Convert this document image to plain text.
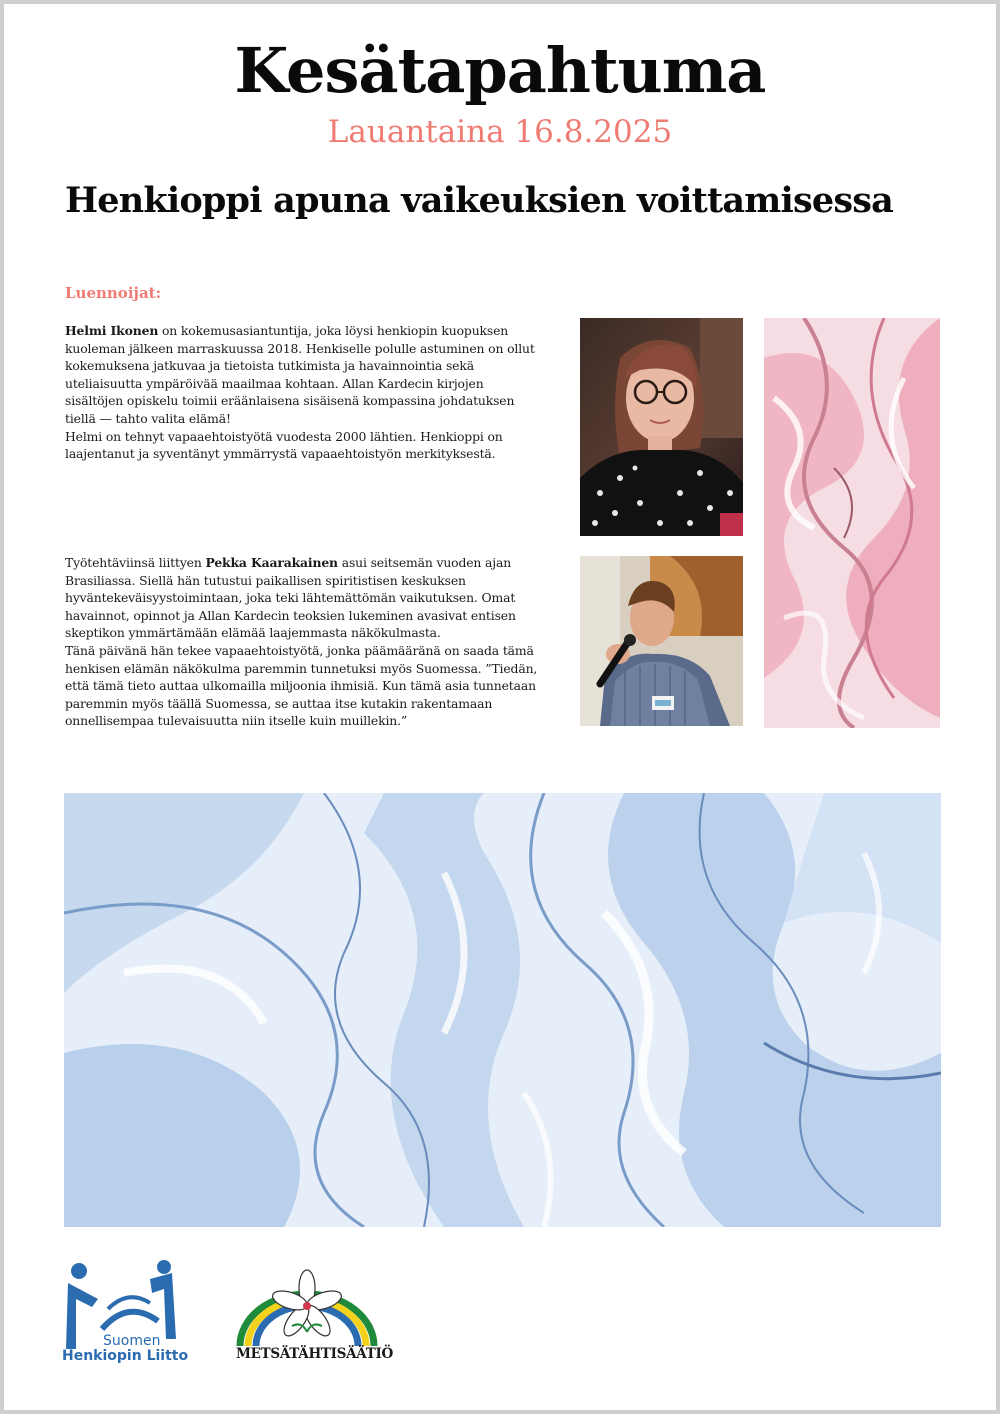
Kesätapahtuma
Lauantaina 16.8.2025
Henkioppi apuna vaikeuksien voittamisessa
Luennoijat:

Helmi Ikonen on kokemusasiantuntija, joka löysi henkiopin kuopuksen kuoleman jälkeen marraskuussa 2018. Henkiselle polulle astuminen on ollut kokemuksena jatkuvaa ja tietoista tutkimista ja havainnointia sekä uteliaisuutta ympäröivää maailmaa kohtaan. Allan Kardecin kirjojen sisältöjen opiskelu toimii eräänlaisena sisäisenä kompassina johdatuksen tiellä — tahto valita elämä!

Helmi on tehnyt vapaaehtoistyötä vuodesta 2000 lähtien. Henkioppi on laajentanut ja syventänyt ymmärrystä vapaaehtoistyön merkityksestä.

Työtehtäviinsä liittyen Pekka Kaarakainen asui seitsemän vuoden ajan Brasiliassa. Siellä hän tutustui paikallisen spiritistisen keskuksen hyväntekeväisyystoimintaan, joka teki lähtemättömän vaikutuksen. Omat havainnot, opinnot ja Allan Kardecin teoksien lukeminen avasivat entisen skeptikon ymmärtämään elämää laajemmasta näkökulmasta.

Tänä päivänä hän tekee vapaaehtoistyötä, jonka päämääränä on saada tämä henkisen elämän näkökulma paremmin tunnetuksi myös Suomessa. ”Tiedän, että tämä tieto auttaa ulkomailla miljoonia ihmisiä. Kun tämä asia tunnetaan paremmin myös täällä Suomessa, se auttaa itse kutakin rakentamaan onnellisempaa tulevaisuutta niin itselle kuin muillekin.”

Suomen
Henkiopin Liitto	METSÄTÄHTISÄÄTIÖ
